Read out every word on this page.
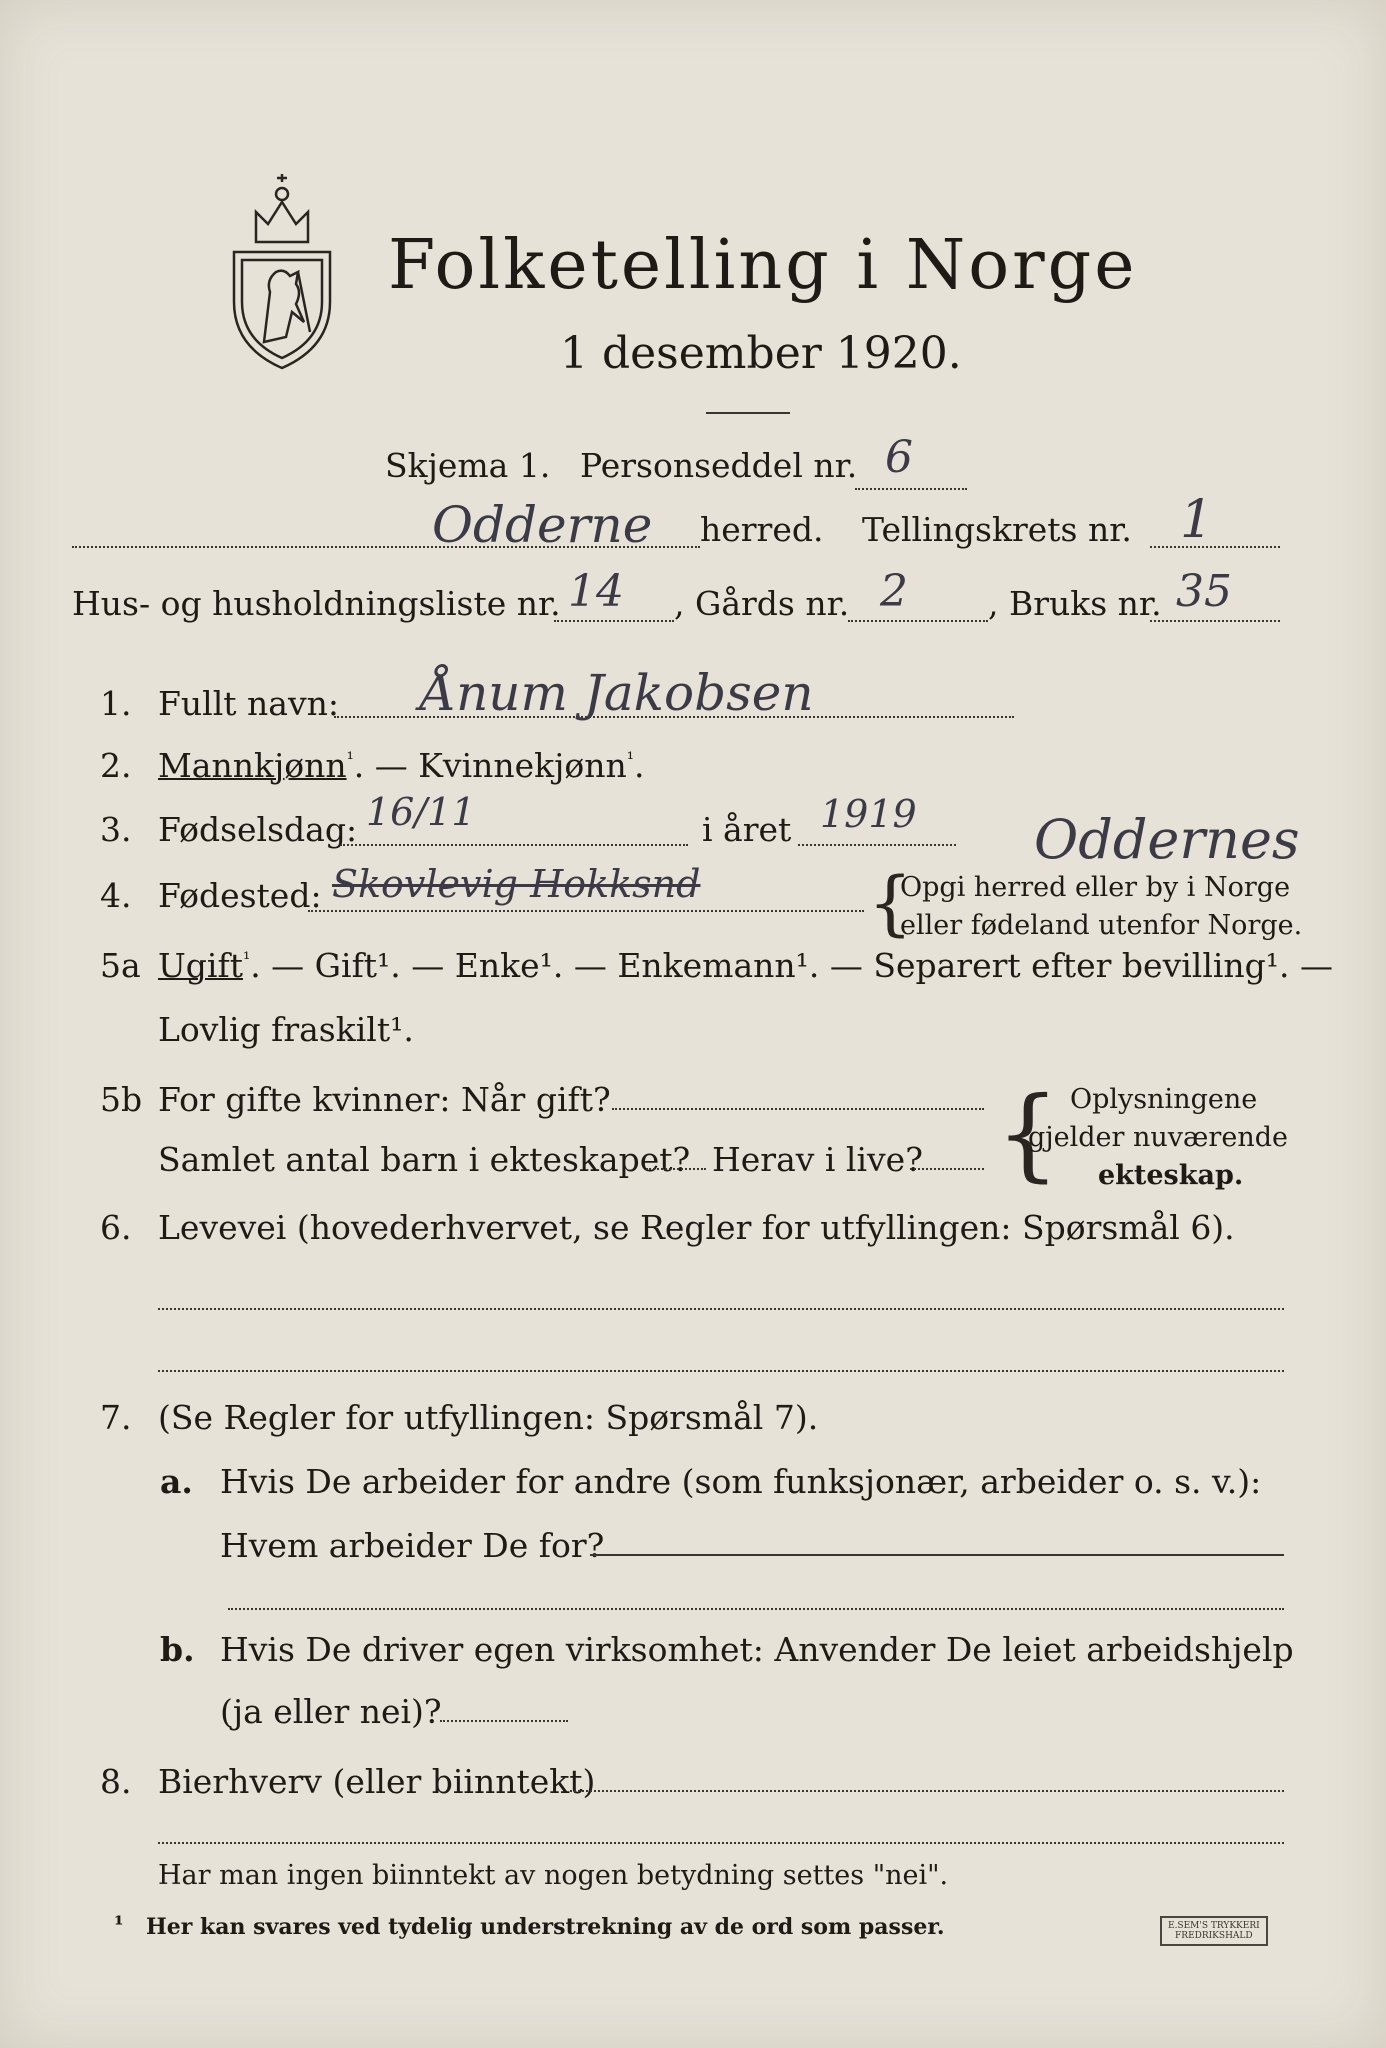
Folketelling i Norge
1 desember 1920.
Skjema 1. Personseddel nr. 6
Odderne herred. Tellingskrets nr. 1
Hus- og husholdningsliste nr. 14 , Gårds nr. 2 , Bruks nr. 35
1. Fullt navn: Ånum Jakobsen
2. Mannkjønn$^{^1}$. — Kvinnekjønn$^{^1}$.
3. Fødselsdag: 16/11	i året 1919 Oddernes
4. Fødested: Skovlevig Hokksnd {
Opgi herred eller by i Norge
eller fødeland utenfor Norge.
5a Ugift$^{^1}$. — Gift¹. — Enke¹. — Enkemann¹. — Separert efter bevilling¹. —
Lovlig fraskilt¹.
5b For gifte kvinner: Når gift?
Samlet antal barn i ekteskapet? Herav i live? { Oplysningene
gjelder nuværende
ekteskap.
6. Levevei (hovederhvervet, se Regler for utfyllingen: Spørsmål 6).
7. (Se Regler for utfyllingen: Spørsmål 7).
a. Hvis De arbeider for andre (som funksjonær, arbeider o. s. v.):
Hvem arbeider De for?
b. Hvis De driver egen virksomhet: Anvender De leiet arbeidshjelp
(ja eller nei)?
8. Bierhverv (eller biinntekt)
Har man ingen biinntekt av nogen betydning settes "nei".
¹ Her kan svares ved tydelig understrekning av de ord som passer.	E.SEM'S TRYKKERI
FREDRIKSHALD
